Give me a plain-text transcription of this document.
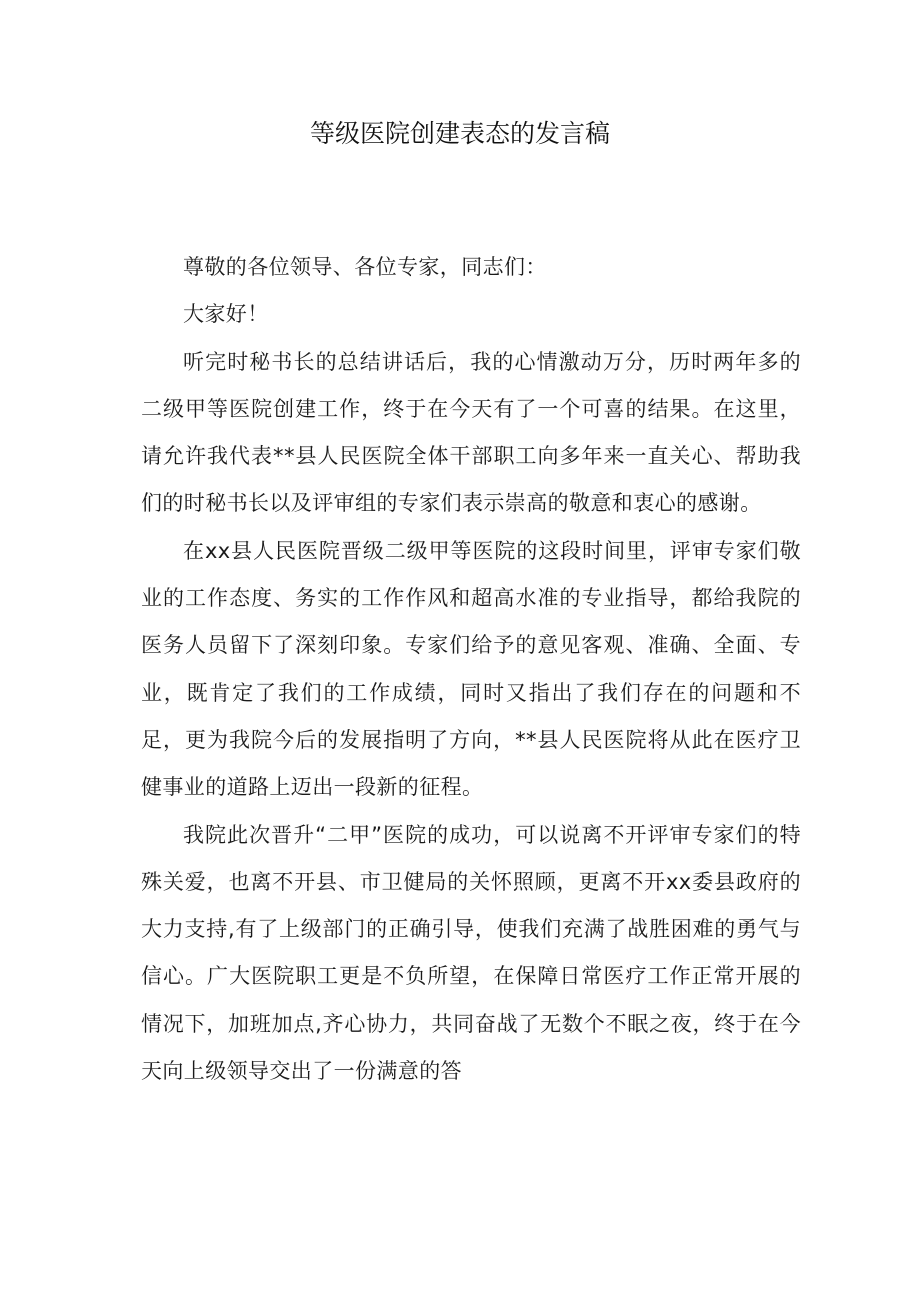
等级医院创建表态的发言稿

尊敬的各位领导、各位专家，同志们：

大家好！

听完时秘书长的总结讲话后，我的心情激动万分，历时两年多的二级甲等医院创建工作，终于在今天有了一个可喜的结果。在这里，请允许我代表**县人民医院全体干部职工向多年来一直关心、帮助我们的时秘书长以及评审组的专家们表示崇高的敬意和衷心的感谢。

在xx县人民医院晋级二级甲等医院的这段时间里，评审专家们敬业的工作态度、务实的工作作风和超高水准的专业指导，都给我院的医务人员留下了深刻印象。专家们给予的意见客观、准确、全面、专业，既肯定了我们的工作成绩，同时又指出了我们存在的问题和不足，更为我院今后的发展指明了方向，**县人民医院将从此在医疗卫健事业的道路上迈出一段新的征程。

我院此次晋升“二甲”医院的成功，可以说离不开评审专家们的特殊关爱，也离不开县、市卫健局的关怀照顾，更离不开xx委县政府的大力支持,有了上级部门的正确引导，使我们充满了战胜困难的勇气与信心。广大医院职工更是不负所望，在保障日常医疗工作正常开展的情况下，加班加点,齐心协力，共同奋战了无数个不眠之夜，终于在今天向上级领导交出了一份满意的答
